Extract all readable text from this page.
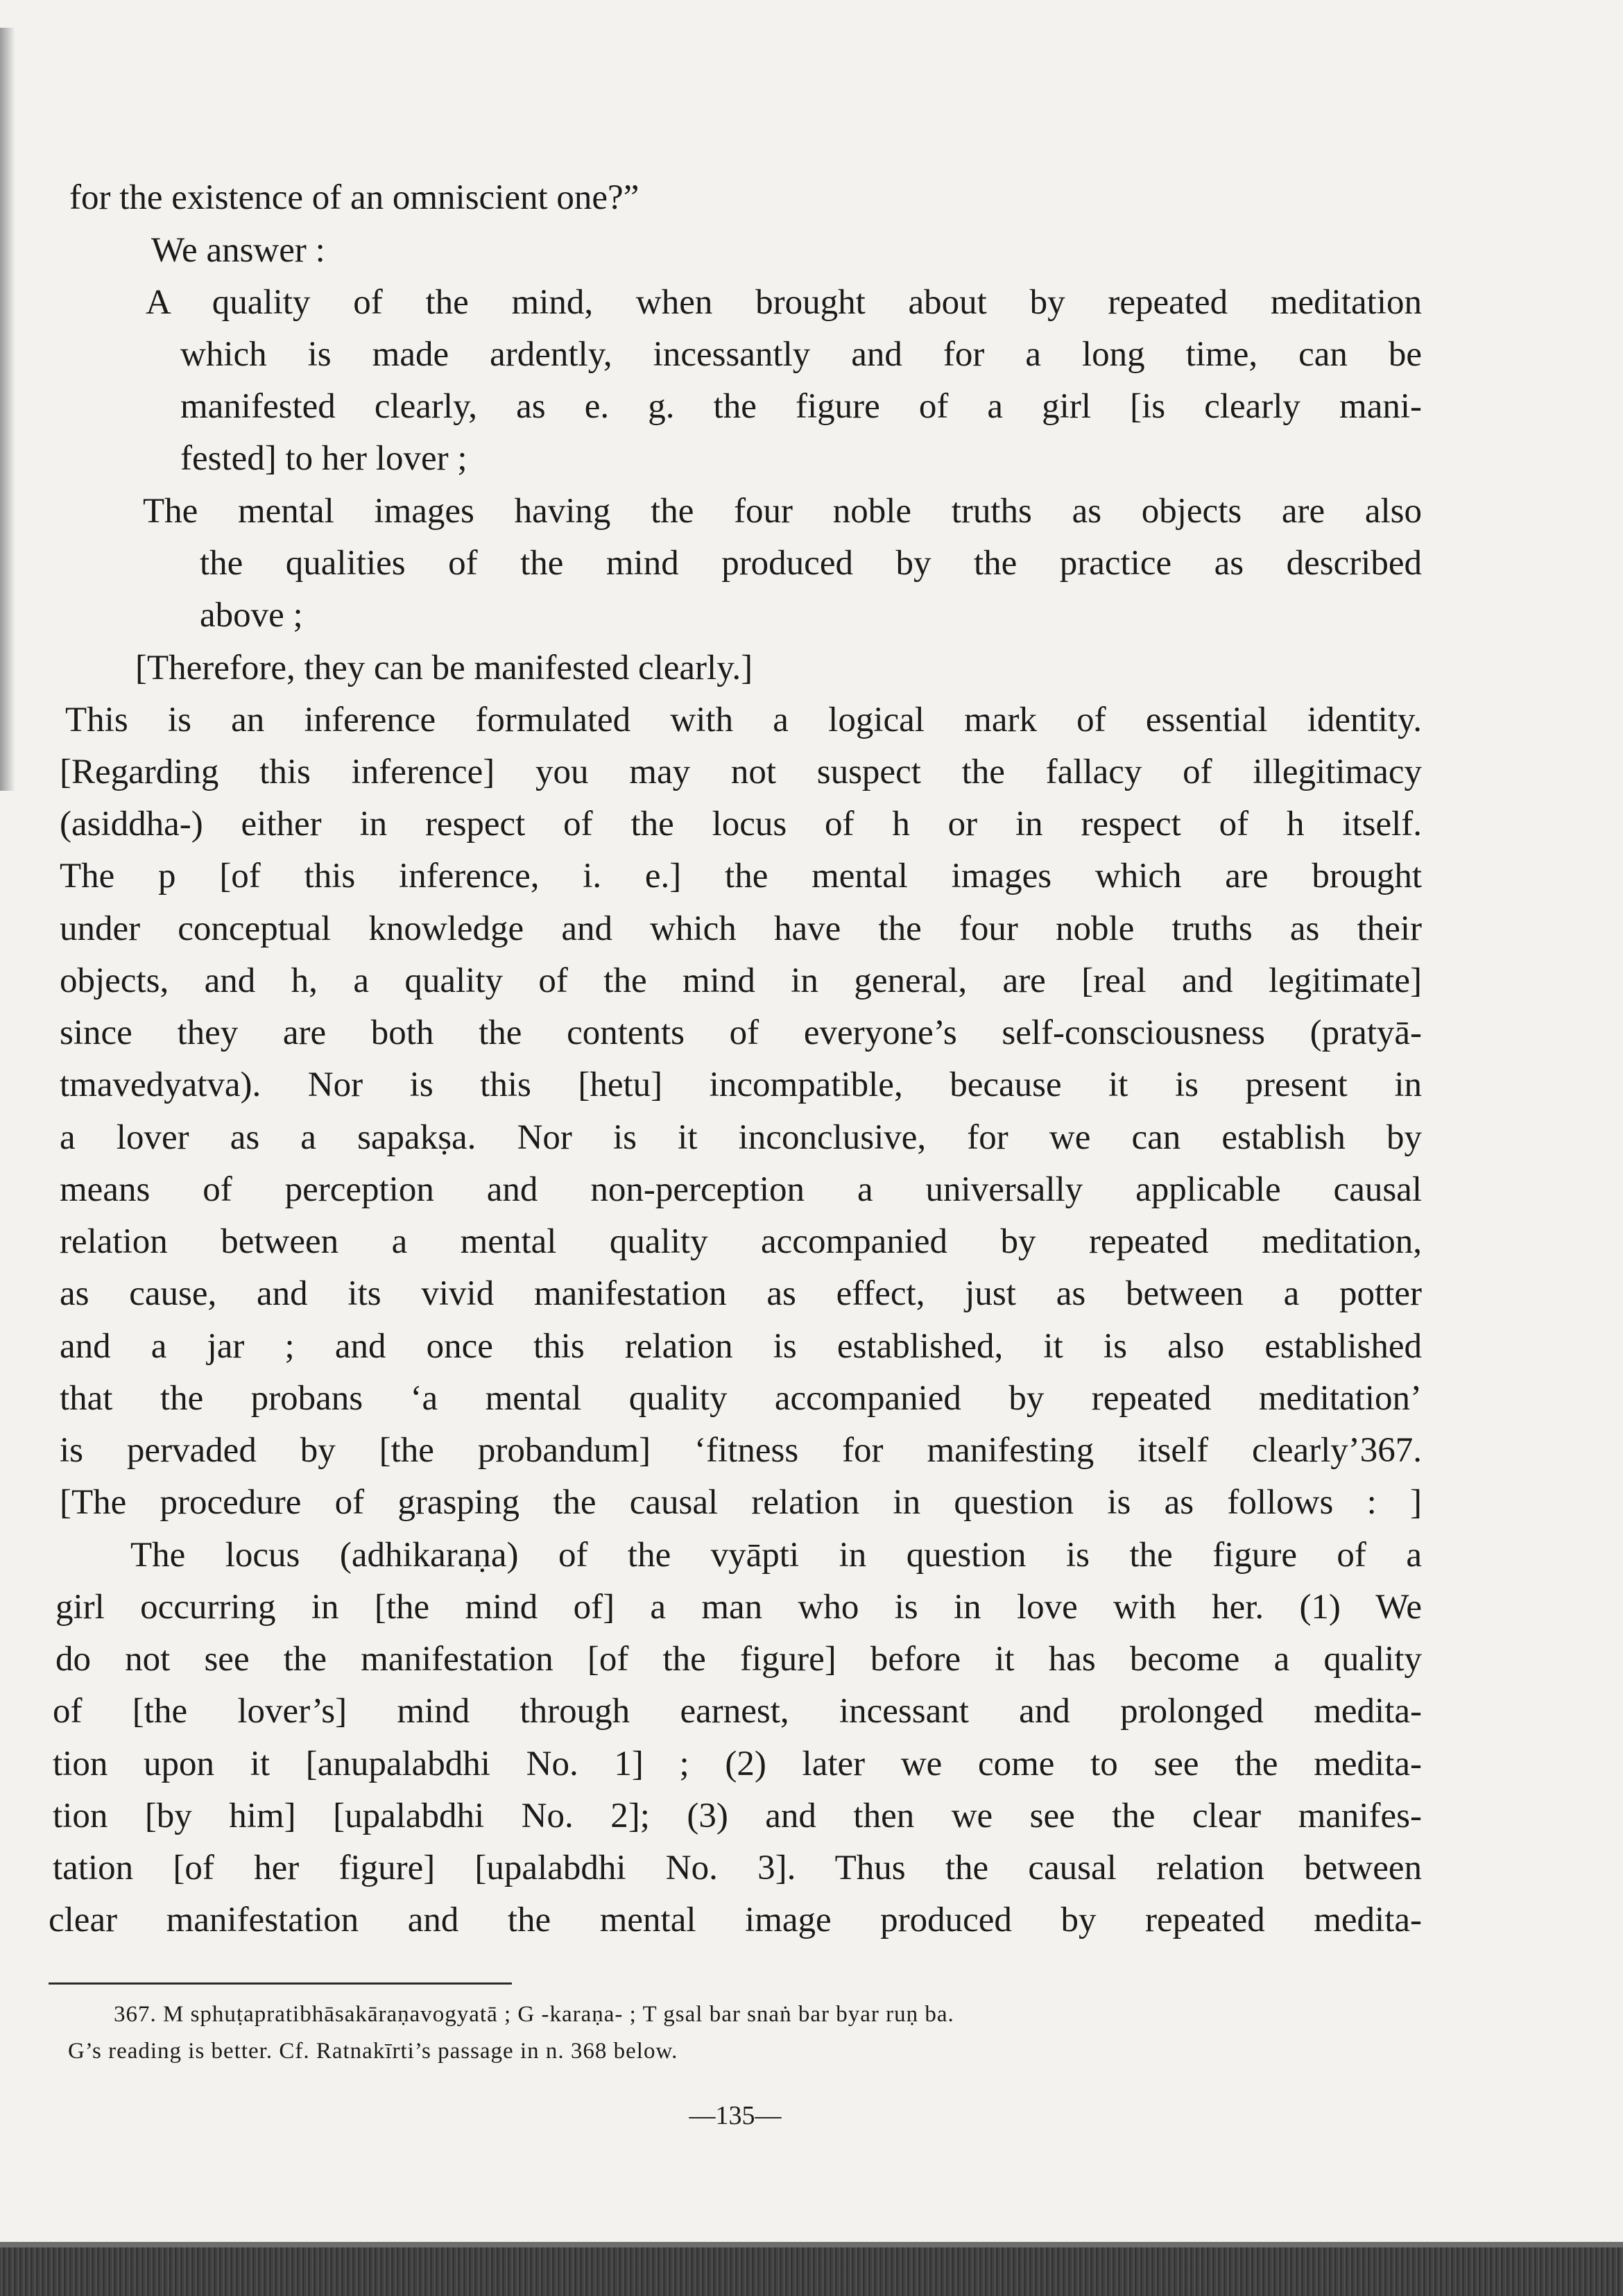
for the existence of an omniscient one?”
We answer :
A quality of the mind, when brought about by repeated meditation
which is made ardently, incessantly and for a long time, can be
manifested clearly, as e. g. the figure of a girl [is clearly mani-
fested] to her lover ;
The mental images having the four noble truths as objects are also
the qualities of the mind produced by the practice as described
above ;
[Therefore, they can be manifested clearly.]
This is an inference formulated with a logical mark of essential identity.
[Regarding this inference] you may not suspect the fallacy of illegitimacy
(asiddha-) either in respect of the locus of h or in respect of h itself.
The p [of this inference, i. e.] the mental images which are brought
under conceptual knowledge and which have the four noble truths as their
objects, and h, a quality of the mind in general, are [real and legitimate]
since they are both the contents of everyone’s self-consciousness (pratyā-
tmavedyatva). Nor is this [hetu] incompatible, because it is present in
a lover as a sapakṣa. Nor is it inconclusive, for we can establish by
means of perception and non-perception a universally applicable causal
relation between a mental quality accompanied by repeated meditation,
as cause, and its vivid manifestation as effect, just as between a potter
and a jar ; and once this relation is established, it is also established
that the probans ‘a mental quality accompanied by repeated meditation’
is pervaded by [the probandum] ‘fitness for manifesting itself clearly’367.
[The procedure of grasping the causal relation in question is as follows : ]
The locus (adhikaraṇa) of the vyāpti in question is the figure of a
girl occurring in [the mind of] a man who is in love with her. (1) We
do not see the manifestation [of the figure] before it has become a quality
of [the lover’s] mind through earnest, incessant and prolonged medita-
tion upon it [anupalabdhi No. 1] ; (2) later we come to see the medita-
tion [by him] [upalabdhi No. 2]; (3) and then we see the clear manifes-
tation [of her figure] [upalabdhi No. 3]. Thus the causal relation between
clear manifestation and the mental image produced by repeated medita-
367. M sphuṭapratibhāsakāraṇavogyatā ; G -karaṇa- ; T gsal bar snaṅ bar byar ruṇ ba.
G’s reading is better. Cf. Ratnakīrti’s passage in n. 368 below.
—135—
